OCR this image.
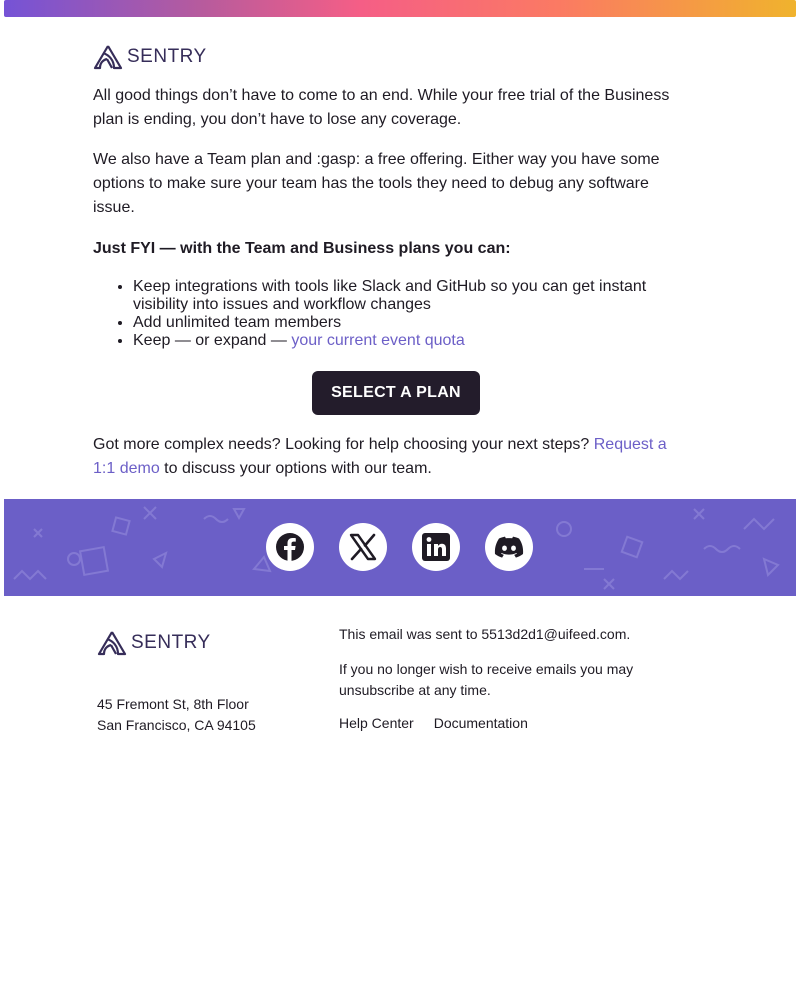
SENTRY

All good things don’t have to come to an end. While your free trial of the Business plan is ending, you don’t have to lose any coverage.

We also have a Team plan and :gasp: a free offering. Either way you have some options to make sure your team has the tools they need to debug any software issue.

Just FYI — with the Team and Business plans you can:

• Keep integrations with tools like Slack and GitHub so you can get instant visibility into issues and workflow changes
• Add unlimited team members
• Keep — or expand — your current event quota
SELECT A PLAN

Got more complex needs? Looking for help choosing your next steps? Request a 1:1 demo to discuss your options with our team.

SENTRY
45 Fremont St, 8th Floor
San Francisco, CA 94105

This email was sent to 5513d2d1@uifeed.com.

If you no longer wish to receive emails you may unsubscribe at any time.

Help Center Documentation
